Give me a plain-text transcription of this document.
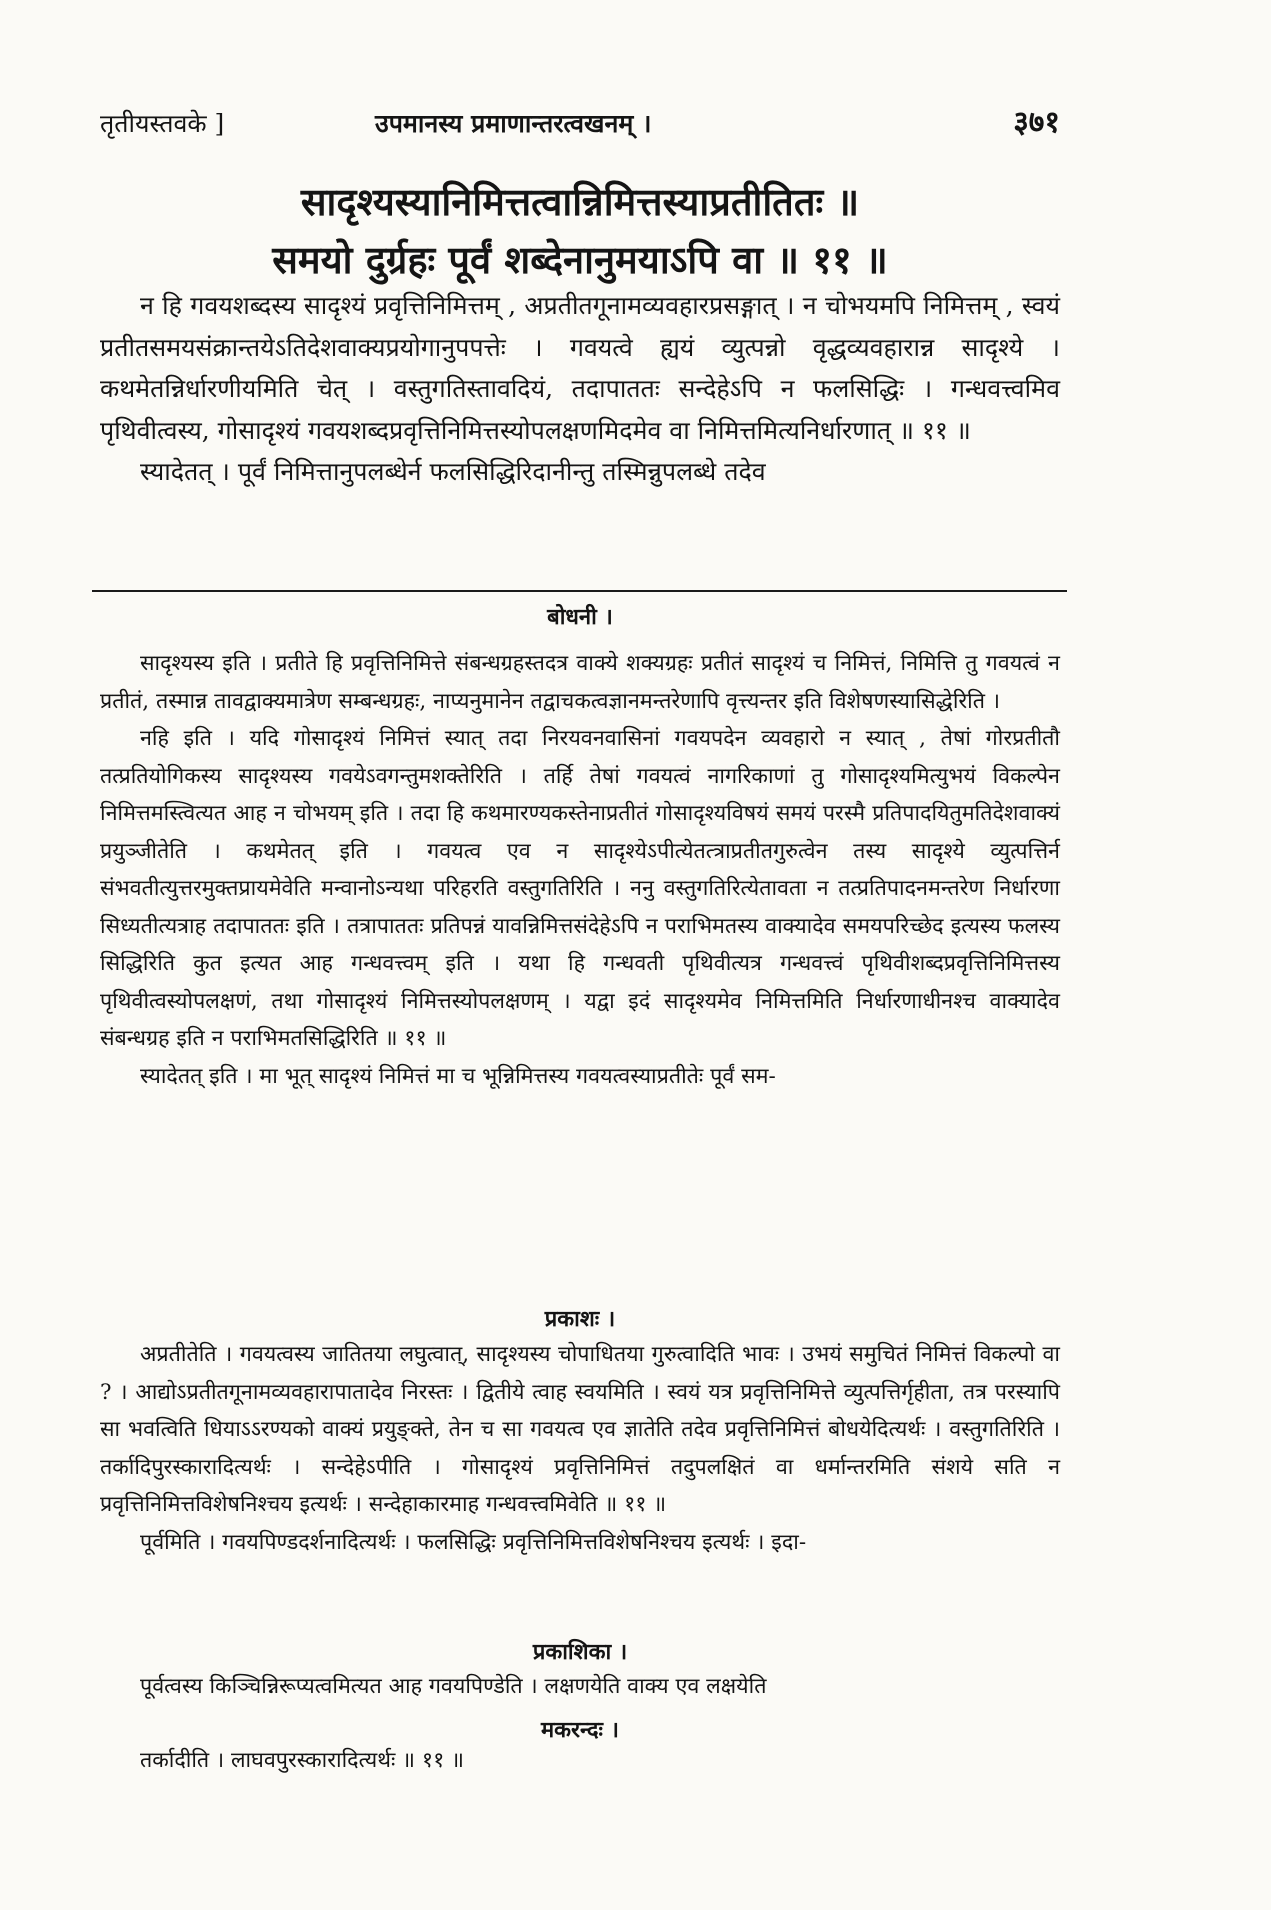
तृतीयस्तवके ]	उपमानस्य प्रमाणान्तरत्वखनम् ।	३७१
सादृश्यस्यानिमित्तत्वान्निमित्तस्याप्रतीतितः ॥
समयो दुर्ग्रहः पूर्वं शब्देनानुमयाऽपि वा ॥ ११ ॥

न हि गवयशब्दस्य सादृश्यं प्रवृत्तिनिमित्तम् , अप्रतीतगूनामव्यवहारप्रसङ्गात् । न चोभयमपि निमित्तम् , स्वयं प्रतीतसमयसंक्रान्तयेऽतिदेशवाक्यप्रयोगानुपपत्तेः । गवयत्वे ह्ययं व्युत्पन्नो वृद्धव्यवहारान्न सादृश्ये । कथमेतन्निर्धारणीयमिति चेत् । वस्तुगतिस्तावदियं, तदापाततः सन्देहेऽपि न फलसिद्धिः । गन्धवत्त्वमिव पृथिवीत्वस्य, गोसादृश्यं गवयशब्दप्रवृत्तिनिमित्तस्योपलक्षणमिदमेव वा निमित्तमित्यनिर्धारणात् ॥ ११ ॥

स्यादेतत् । पूर्वं निमित्तानुपलब्धेर्न फलसिद्धिरिदानीन्तु तस्मिन्नुपलब्धे तदेव

बोधनी ।

सादृश्यस्य इति । प्रतीते हि प्रवृत्तिनिमित्ते संबन्धग्रहस्तदत्र वाक्ये शक्यग्रहः प्रतीतं सादृश्यं च निमित्तं, निमित्ति तु गवयत्वं न प्रतीतं, तस्मान्न तावद्वाक्यमात्रेण सम्बन्धग्रहः, नाप्यनुमानेन तद्वाचकत्वज्ञानमन्तरेणापि वृत्त्यन्तर इति विशेषणस्यासिद्धेरिति ।

नहि इति । यदि गोसादृश्यं निमित्तं स्यात् तदा निरयवनवासिनां गवयपदेन व्यवहारो न स्यात् , तेषां गोरप्रतीतौ तत्प्रतियोगिकस्य सादृश्यस्य गवयेऽवगन्तुमशक्तेरिति । तर्हि तेषां गवयत्वं नागरिकाणां तु गोसादृश्यमित्युभयं विकल्पेन निमित्तमस्त्वित्यत आह न चोभयम् इति । तदा हि कथमारण्यकस्तेनाप्रतीतं गोसादृश्यविषयं समयं परस्मै प्रतिपादयितुमतिदेशवाक्यं प्रयुञ्जीतेति । कथमेतत् इति । गवयत्व एव न सादृश्येऽपीत्येतत्त्राप्रतीतगुरुत्वेन तस्य सादृश्ये व्युत्पत्तिर्न संभवतीत्युत्तरमुक्तप्रायमेवेति मन्वानोऽन्यथा परिहरति वस्तुगतिरिति । ननु वस्तुगतिरित्येतावता न तत्प्रतिपादनमन्तरेण निर्धारणा सिध्यतीत्यत्राह तदापाततः इति । तत्रापाततः प्रतिपन्नं यावन्निमित्तसंदेहेऽपि न पराभिमतस्य वाक्यादेव समयपरिच्छेद इत्यस्य फलस्य सिद्धिरिति कुत इत्यत आह गन्धवत्त्वम् इति । यथा हि गन्धवती पृथिवीत्यत्र गन्धवत्त्वं पृथिवीशब्दप्रवृत्तिनिमित्तस्य पृथिवीत्वस्योपलक्षणं, तथा गोसादृश्यं निमित्तस्योपलक्षणम् । यद्वा इदं सादृश्यमेव निमित्तमिति निर्धारणाधीनश्च वाक्यादेव संबन्धग्रह इति न पराभिमतसिद्धिरिति ॥ ११ ॥

स्यादेतत् इति । मा भूत् सादृश्यं निमित्तं मा च भून्निमित्तस्य गवयत्वस्याप्रतीतेः पूर्वं सम-

प्रकाशः ।

अप्रतीतेति । गवयत्वस्य जातितया लघुत्वात्, सादृश्यस्य चोपाधितया गुरुत्वादिति भावः । उभयं समुचितं निमित्तं विकल्पो वा ? । आद्योऽप्रतीतगूनामव्यवहारापातादेव निरस्तः । द्वितीये त्वाह स्वयमिति । स्वयं यत्र प्रवृत्तिनिमित्ते व्युत्पत्तिर्गृहीता, तत्र परस्यापि सा भवत्विति धियाऽऽरण्यको वाक्यं प्रयुङ्क्ते, तेन च सा गवयत्व एव ज्ञातेति तदेव प्रवृत्तिनिमित्तं बोधयेदित्यर्थः । वस्तुगतिरिति । तर्कादिपुरस्कारादित्यर्थः । सन्देहेऽपीति । गोसादृश्यं प्रवृत्तिनिमित्तं तदुपलक्षितं वा धर्मान्तरमिति संशये सति न प्रवृत्तिनिमित्तविशेषनिश्चय इत्यर्थः । सन्देहाकारमाह गन्धवत्त्वमिवेति ॥ ११ ॥

पूर्वमिति । गवयपिण्डदर्शनादित्यर्थः । फलसिद्धिः प्रवृत्तिनिमित्तविशेषनिश्चय इत्यर्थः । इदा-

प्रकाशिका ।

पूर्वत्वस्य किञ्चिन्निरूप्यत्वमित्यत आह गवयपिण्डेति । लक्षणयेति वाक्य एव लक्षयेति

मकरन्दः ।

तर्कादीति । लाघवपुरस्कारादित्यर्थः ॥ ११ ॥
